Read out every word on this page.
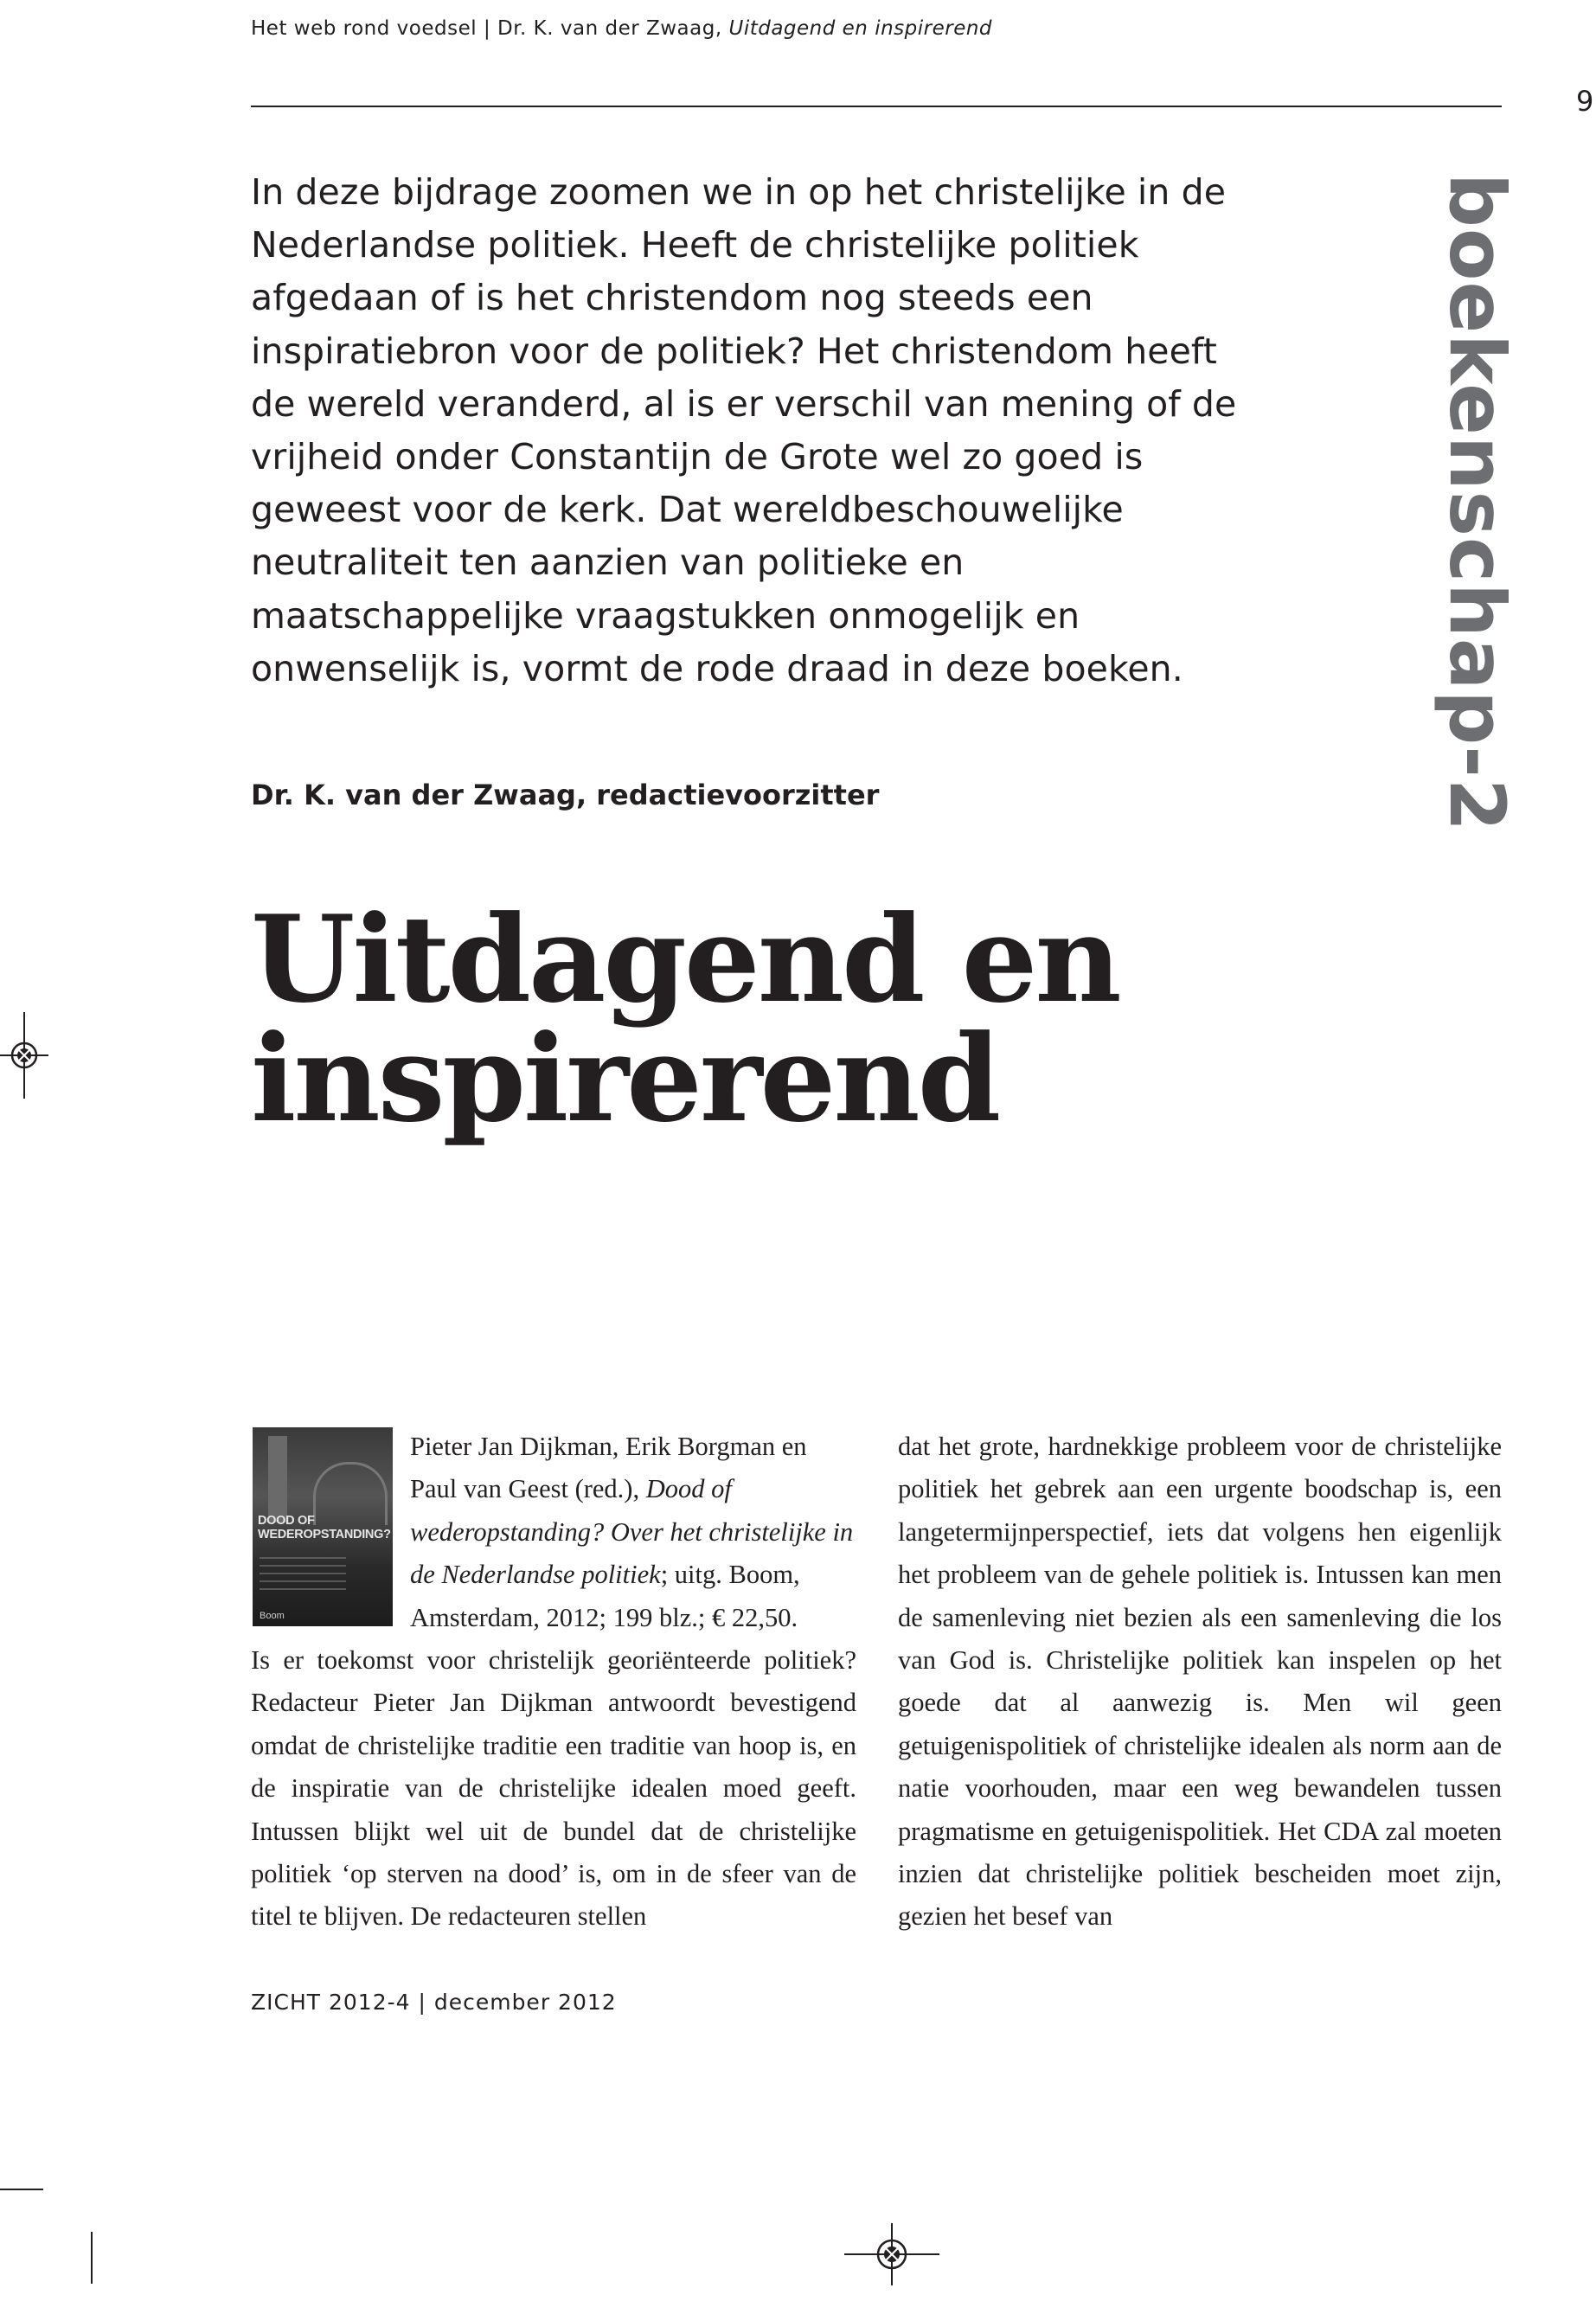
Het web rond voedsel | Dr. K. van der Zwaag, Uitdagend en inspirerend
9

In deze bijdrage zoomen we in op het christelijke in de Nederlandse politiek. Heeft de christelijke politiek afgedaan of is het christendom nog steeds een inspiratiebron voor de politiek? Het christendom heeft de wereld veranderd, al is er verschil van mening of de vrijheid onder Constantijn de Grote wel zo goed is geweest voor de kerk. Dat wereldbeschouwelijke neutraliteit ten aanzien van politieke en maatschappelijke vraagstukken onmogelijk en onwenselijk is, vormt de rode draad in deze boeken.	boekenschap-2
Dr. K. van der Zwaag, redactievoorzitter
Uitdagend en
inspirerend
DOOD OF
WEDEROPSTANDING?
Boom

Pieter Jan Dijkman, Erik Borgman en Paul van Geest (red.), Dood of wederopstanding? Over het christelijke in de Nederlandse politiek; uitg. Boom, Amsterdam, 2012; 199 blz.; € 22,50.

Is er toekomst voor christelijk georiënteerde politiek? Redacteur Pieter Jan Dijkman antwoordt bevestigend omdat de christelijke traditie een traditie van hoop is, en de inspiratie van de christelijke idealen moed geeft. Intussen blijkt wel uit de bundel dat de christelijke politiek ‘op sterven na dood’ is, om in de sfeer van de titel te blijven. De redacteuren stellen

dat het grote, hardnekkige probleem voor de christelijke politiek het gebrek aan een urgente boodschap is, een langetermijnperspectief, iets dat volgens hen eigenlijk het probleem van de gehele politiek is. Intussen kan men de samenleving niet bezien als een samenleving die los van God is. Christelijke politiek kan inspelen op het goede dat al aanwezig is. Men wil geen getuigenispolitiek of christelijke idealen als norm aan de natie voorhouden, maar een weg bewandelen tussen pragmatisme en getuigenispolitiek. Het CDA zal moeten inzien dat christelijke politiek bescheiden moet zijn, gezien het besef van

ZICHT 2012-4 | december 2012
